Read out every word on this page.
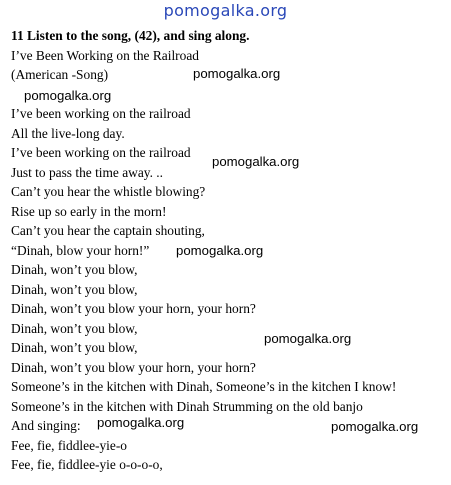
pomogalka.org
11 Listen to the song, (42), and sing along.
I’ve Been Working on the Railroad
(American -Song)
I’ve been working on the railroad
All the live-long day.
I’ve been working on the railroad
Just to pass the time away. ..
Can’t you hear the whistle blowing?
Rise up so early in the morn!
Can’t you hear the captain shouting,
“Dinah, blow your horn!”
Dinah, won’t you blow,
Dinah, won’t you blow,
Dinah, won’t you blow your horn, your horn?
Dinah, won’t you blow,
Dinah, won’t you blow,
Dinah, won’t you blow your horn, your horn?
Someone’s in the kitchen with Dinah, Someone’s in the kitchen I know!
Someone’s in the kitchen with Dinah Strumming on the old banjo
And singing:
Fee, fie, fiddlee-yie-o
Fee, fie, fiddlee-yie o-o-o-o,
pomogalka.org
pomogalka.org
pomogalka.org
pomogalka.org
pomogalka.org
pomogalka.org	pomogalka.org
